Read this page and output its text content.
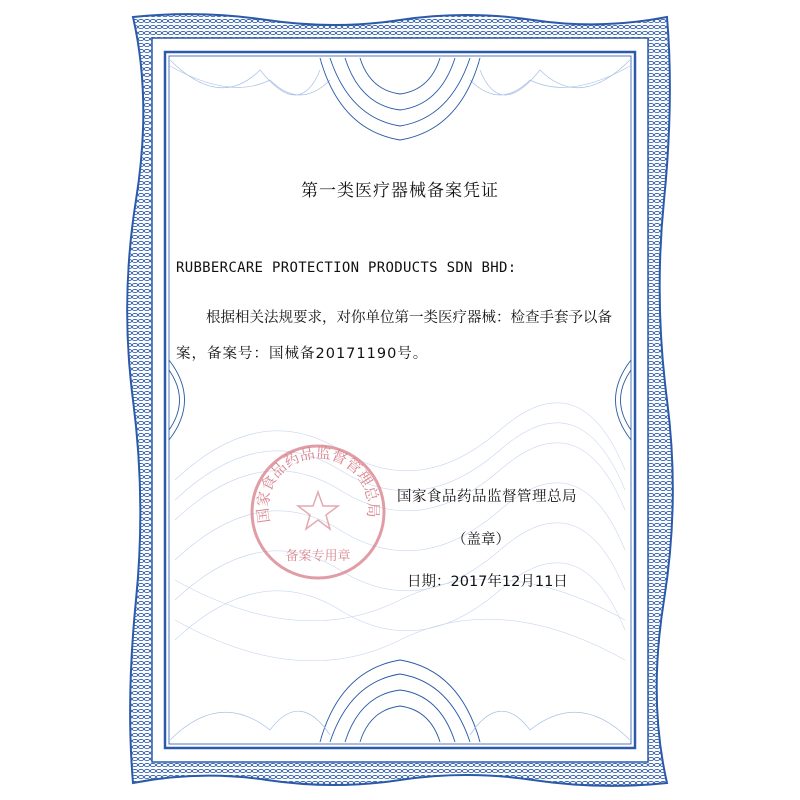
国家食品药品监督管理总局
备案专用章
第一类医疗器械备案凭证
RUBBERCARE PROTECTION PRODUCTS SDN BHD:
根据相关法规要求，对你单位第一类医疗器械：检查手套予以备
案，备案号：国械备20171190号。
国家食品药品监督管理总局
（盖章）
日期：2017年12月11日
